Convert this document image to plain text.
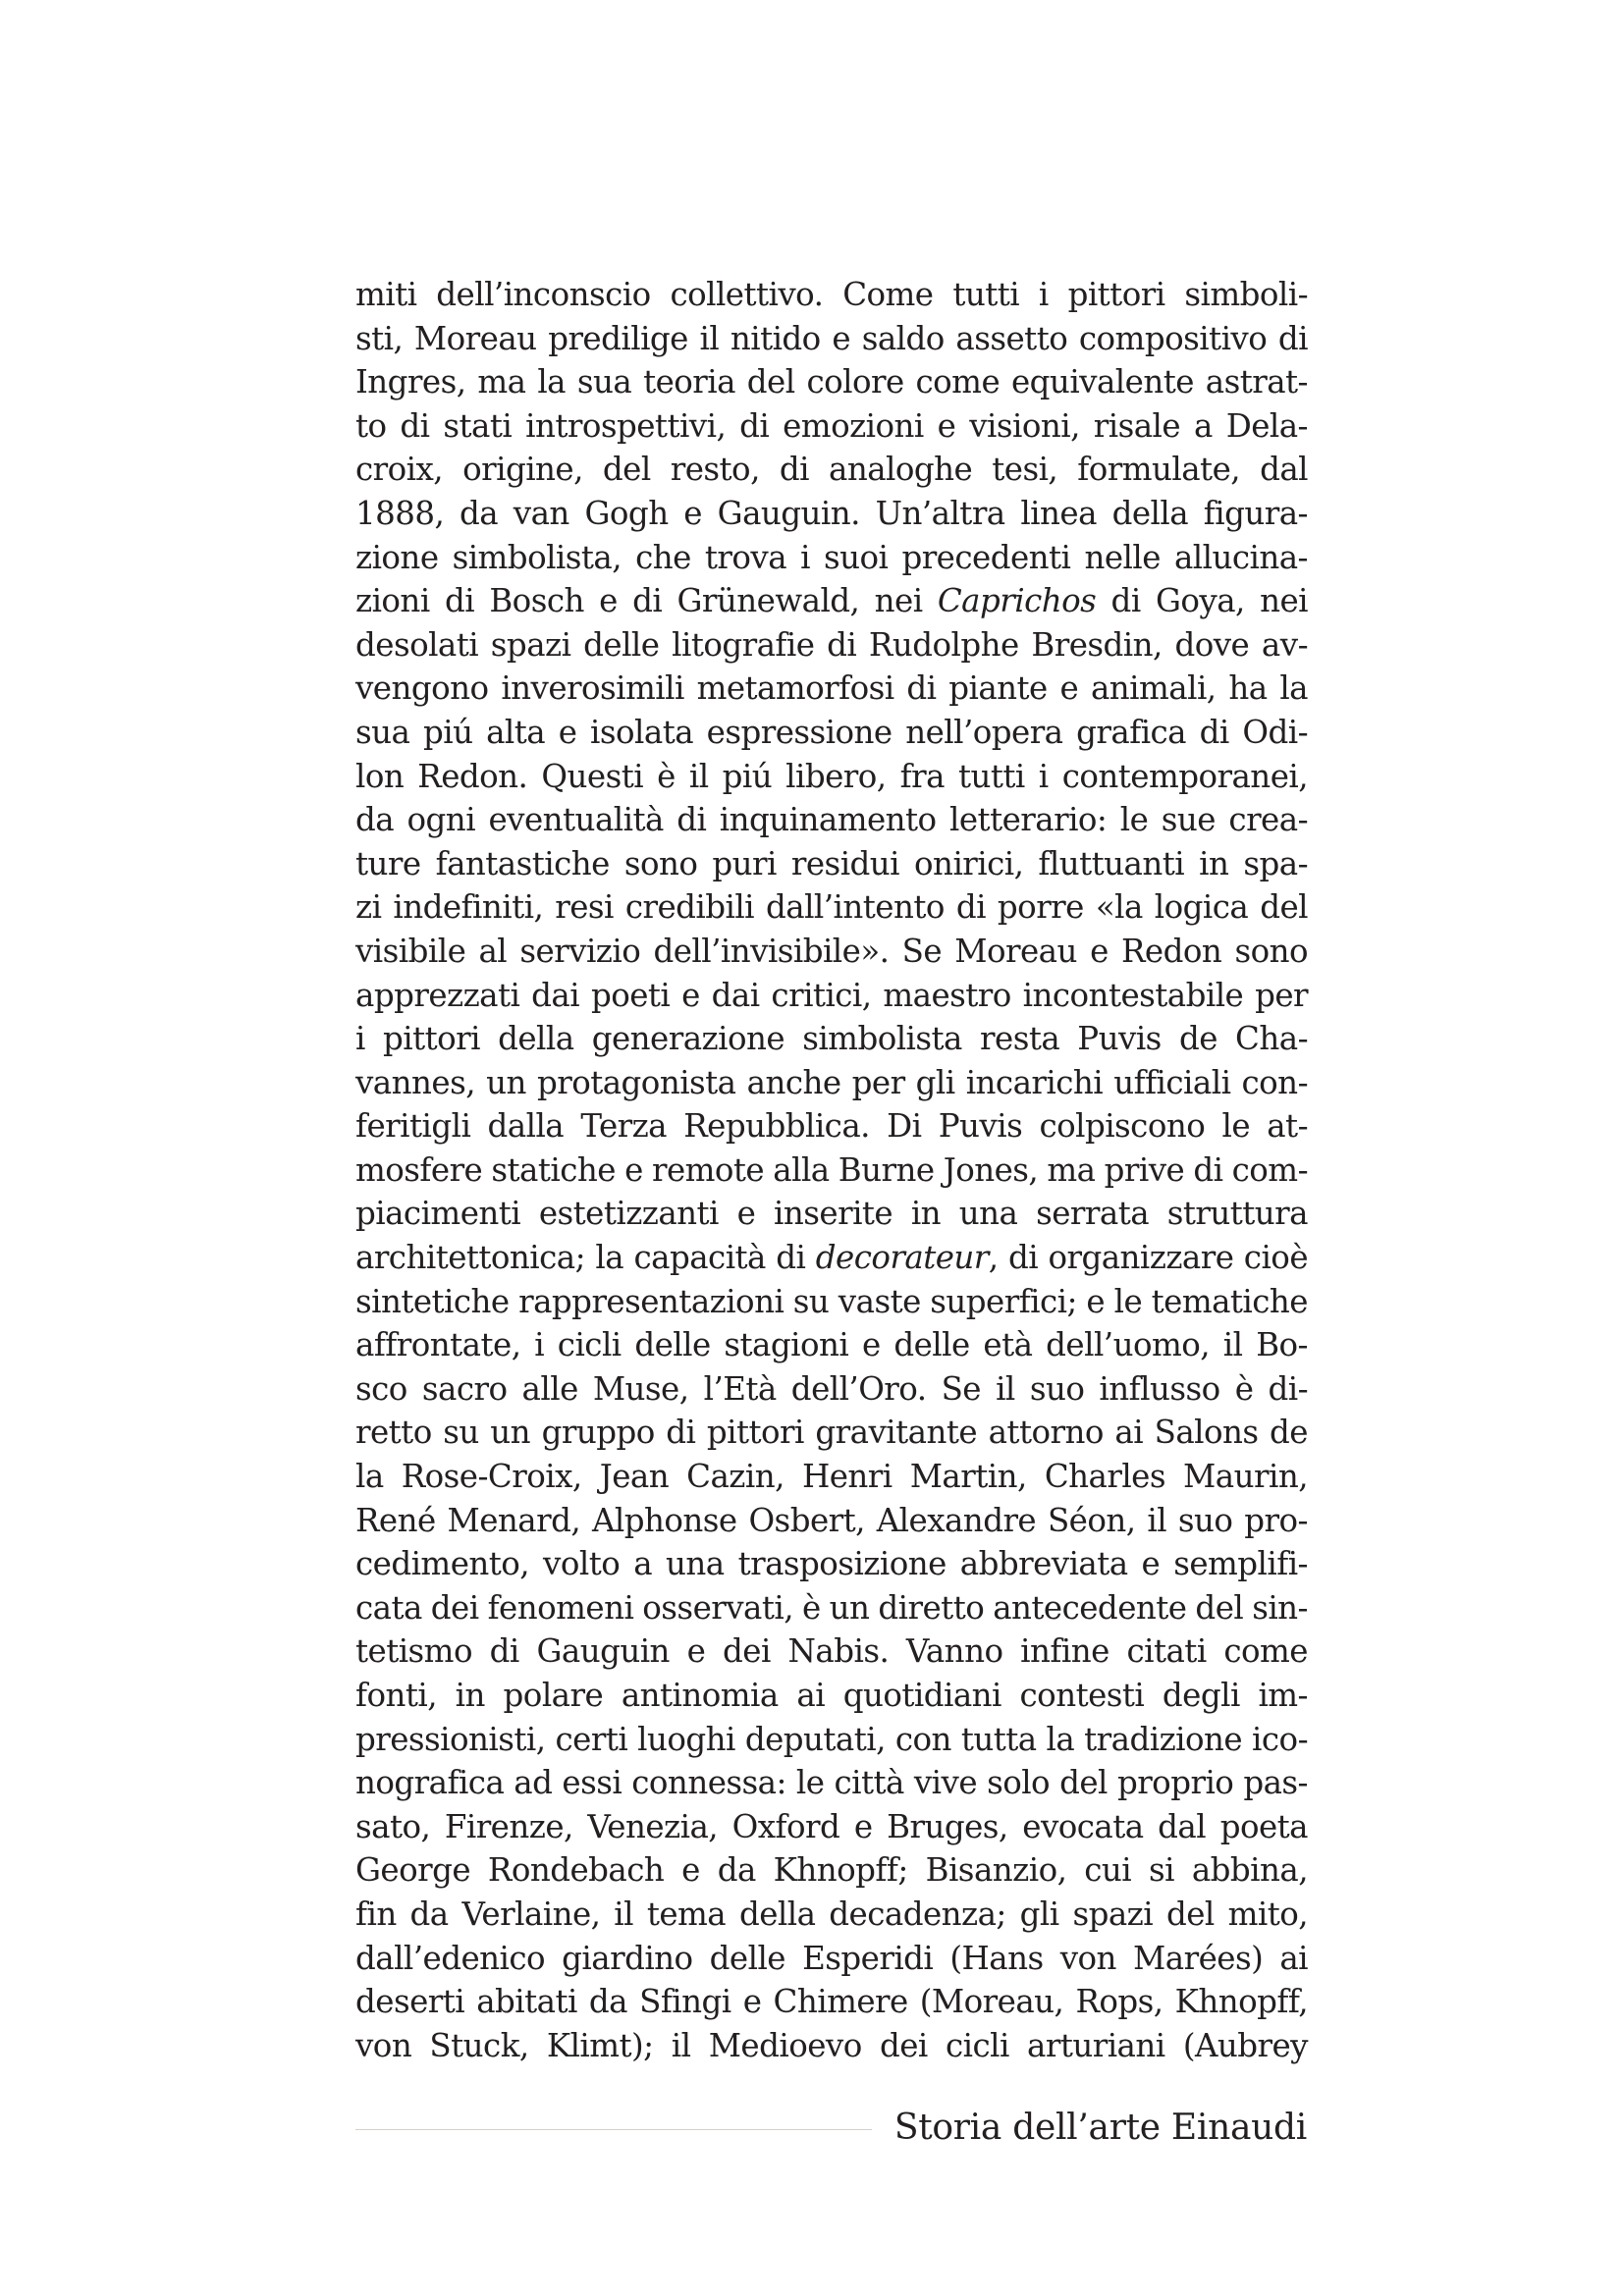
miti dell’inconscio collettivo. Come tutti i pittori simboli-
sti, Moreau predilige il nitido e saldo assetto compositivo di
Ingres, ma la sua teoria del colore come equivalente astrat-
to di stati introspettivi, di emozioni e visioni, risale a Dela-
croix, origine, del resto, di analoghe tesi, formulate, dal
1888, da van Gogh e Gauguin. Un’altra linea della figura-
zione simbolista, che trova i suoi precedenti nelle allucina-
zioni di Bosch e di Grünewald, nei Caprichos di Goya, nei
desolati spazi delle litografie di Rudolphe Bresdin, dove av-
vengono inverosimili metamorfosi di piante e animali, ha la
sua piú alta e isolata espressione nell’opera grafica di Odi-
lon Redon. Questi è il piú libero, fra tutti i contemporanei,
da ogni eventualità di inquinamento letterario: le sue crea-
ture fantastiche sono puri residui onirici, fluttuanti in spa-
zi indefiniti, resi credibili dall’intento di porre «la logica del
visibile al servizio dell’invisibile». Se Moreau e Redon sono
apprezzati dai poeti e dai critici, maestro incontestabile per
i pittori della generazione simbolista resta Puvis de Cha-
vannes, un protagonista anche per gli incarichi ufficiali con-
feritigli dalla Terza Repubblica. Di Puvis colpiscono le at-
mosfere statiche e remote alla Burne Jones, ma prive di com-
piacimenti estetizzanti e inserite in una serrata struttura
architettonica; la capacità di decorateur, di organizzare cioè
sintetiche rappresentazioni su vaste superfici; e le tematiche
affrontate, i cicli delle stagioni e delle età dell’uomo, il Bo-
sco sacro alle Muse, l’Età dell’Oro. Se il suo influsso è di-
retto su un gruppo di pittori gravitante attorno ai Salons de
la Rose-Croix, Jean Cazin, Henri Martin, Charles Maurin,
René Menard, Alphonse Osbert, Alexandre Séon, il suo pro-
cedimento, volto a una trasposizione abbreviata e semplifi-
cata dei fenomeni osservati, è un diretto antecedente del sin-
tetismo di Gauguin e dei Nabis. Vanno infine citati come
fonti, in polare antinomia ai quotidiani contesti degli im-
pressionisti, certi luoghi deputati, con tutta la tradizione ico-
nografica ad essi connessa: le città vive solo del proprio pas-
sato, Firenze, Venezia, Oxford e Bruges, evocata dal poeta
George Rondebach e da Khnopff; Bisanzio, cui si abbina,
fin da Verlaine, il tema della decadenza; gli spazi del mito,
dall’edenico giardino delle Esperidi (Hans von Marées) ai
deserti abitati da Sfingi e Chimere (Moreau, Rops, Khnopff,
von Stuck, Klimt); il Medioevo dei cicli arturiani (Aubrey
Storia dell’arte Einaudi
